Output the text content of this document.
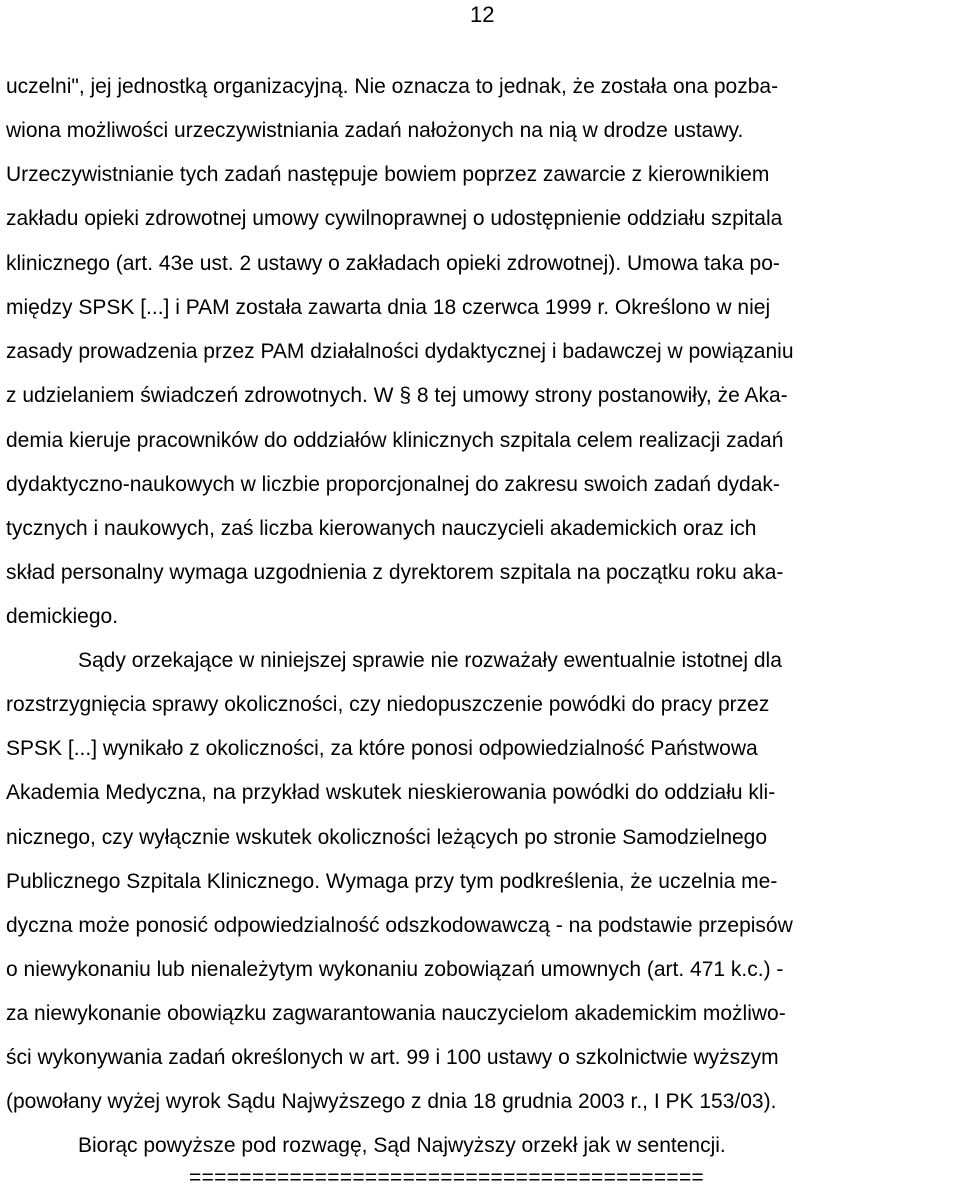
12
uczelni", jej jednostką organizacyjną. Nie oznacza to jednak, że została ona pozba-
wiona możliwości urzeczywistniania zadań nałożonych na nią w drodze ustawy.
Urzeczywistnianie tych zadań następuje bowiem poprzez zawarcie z kierownikiem
zakładu opieki zdrowotnej umowy cywilnoprawnej o udostępnienie oddziału szpitala
klinicznego (art. 43e ust. 2 ustawy o zakładach opieki zdrowotnej). Umowa taka po-
między SPSK [...] i PAM została zawarta dnia 18 czerwca 1999 r. Określono w niej
zasady prowadzenia przez PAM działalności dydaktycznej i badawczej w powiązaniu
z udzielaniem świadczeń zdrowotnych. W § 8 tej umowy strony postanowiły, że Aka-
demia kieruje pracowników do oddziałów klinicznych szpitala celem realizacji zadań
dydaktyczno-naukowych w liczbie proporcjonalnej do zakresu swoich zadań dydak-
tycznych i naukowych, zaś liczba kierowanych nauczycieli akademickich oraz ich
skład personalny wymaga uzgodnienia z dyrektorem szpitala na początku roku aka-
demickiego.
Sądy orzekające w niniejszej sprawie nie rozważały ewentualnie istotnej dla
rozstrzygnięcia sprawy okoliczności, czy niedopuszczenie powódki do pracy przez
SPSK [...] wynikało z okoliczności, za które ponosi odpowiedzialność Państwowa
Akademia Medyczna, na przykład wskutek nieskierowania powódki do oddziału kli-
nicznego, czy wyłącznie wskutek okoliczności leżących po stronie Samodzielnego
Publicznego Szpitala Klinicznego. Wymaga przy tym podkreślenia, że uczelnia me-
dyczna może ponosić odpowiedzialność odszkodowawczą - na podstawie przepisów
o niewykonaniu lub nienależytym wykonaniu zobowiązań umownych (art. 471 k.c.) -
za niewykonanie obowiązku zagwarantowania nauczycielom akademickim możliwo-
ści wykonywania zadań określonych w art. 99 i 100 ustawy o szkolnictwie wyższym
(powołany wyżej wyrok Sądu Najwyższego z dnia 18 grudnia 2003 r., I PK 153/03).
Biorąc powyższe pod rozwagę, Sąd Najwyższy orzekł jak w sentencji.
=========================================
